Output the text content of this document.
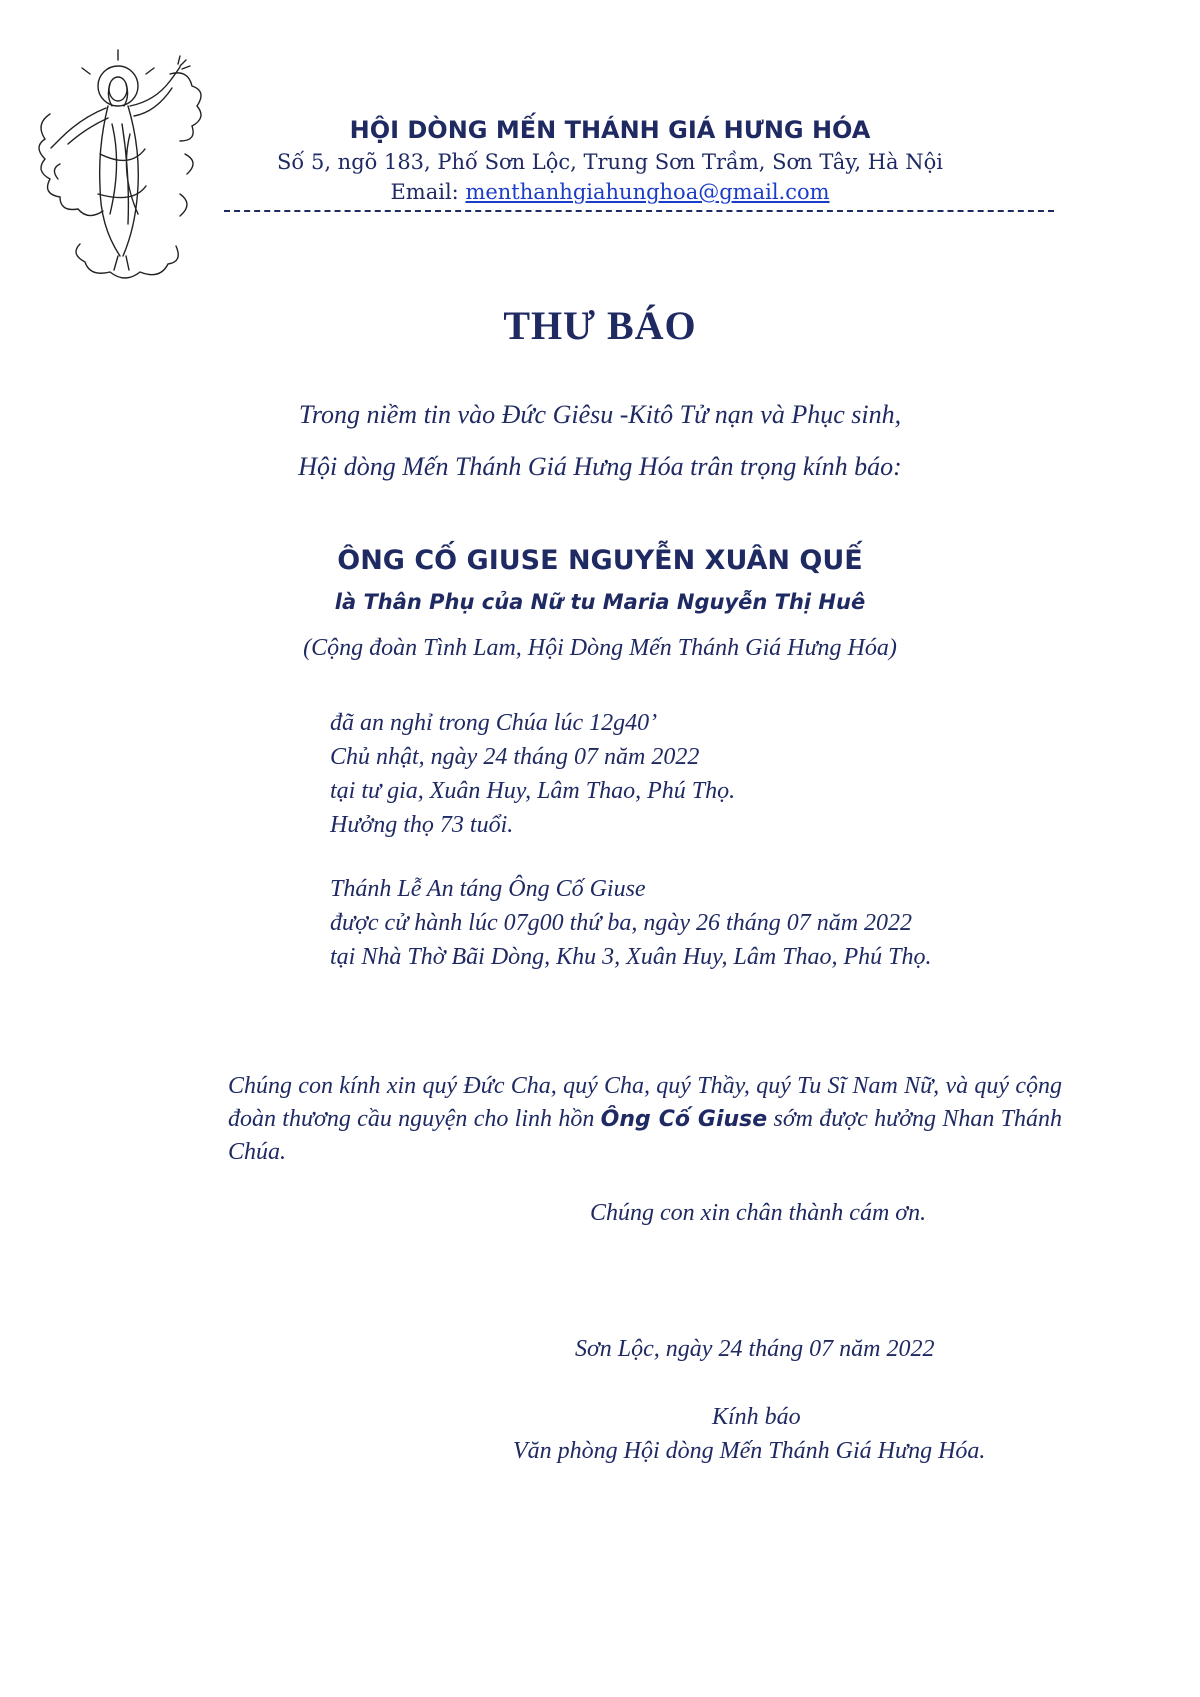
HỘI DÒNG MẾN THÁNH GIÁ HƯNG HÓA
Số 5, ngõ 183, Phố Sơn Lộc, Trung Sơn Trầm, Sơn Tây, Hà Nội
Email: menthanhgiahunghoa@gmail.com
THƯ BÁO
Trong niềm tin vào Đức Giêsu -Kitô Tử nạn và Phục sinh,
Hội dòng Mến Thánh Giá Hưng Hóa trân trọng kính báo:
ÔNG CỐ GIUSE NGUYỄN XUÂN QUẾ
là Thân Phụ của Nữ tu Maria Nguyễn Thị Huê
(Cộng đoàn Tình Lam, Hội Dòng Mến Thánh Giá Hưng Hóa)
đã an nghỉ trong Chúa lúc 12g40’
Chủ nhật, ngày 24 tháng 07 năm 2022
tại tư gia, Xuân Huy, Lâm Thao, Phú Thọ.
Hưởng thọ 73 tuổi.
Thánh Lễ An táng Ông Cố Giuse
được cử hành lúc 07g00 thứ ba, ngày 26 tháng 07 năm 2022
tại Nhà Thờ Bãi Dòng, Khu 3, Xuân Huy, Lâm Thao, Phú Thọ.
Chúng con kính xin quý Đức Cha, quý Cha, quý Thầy, quý Tu Sĩ Nam Nữ, và quý cộng đoàn thương cầu nguyện cho linh hồn Ông Cố Giuse sớm được hưởng Nhan Thánh Chúa.
Chúng con xin chân thành cám ơn.
Sơn Lộc, ngày 24 tháng 07 năm 2022
Kính báo
Văn phòng Hội dòng Mến Thánh Giá Hưng Hóa.
